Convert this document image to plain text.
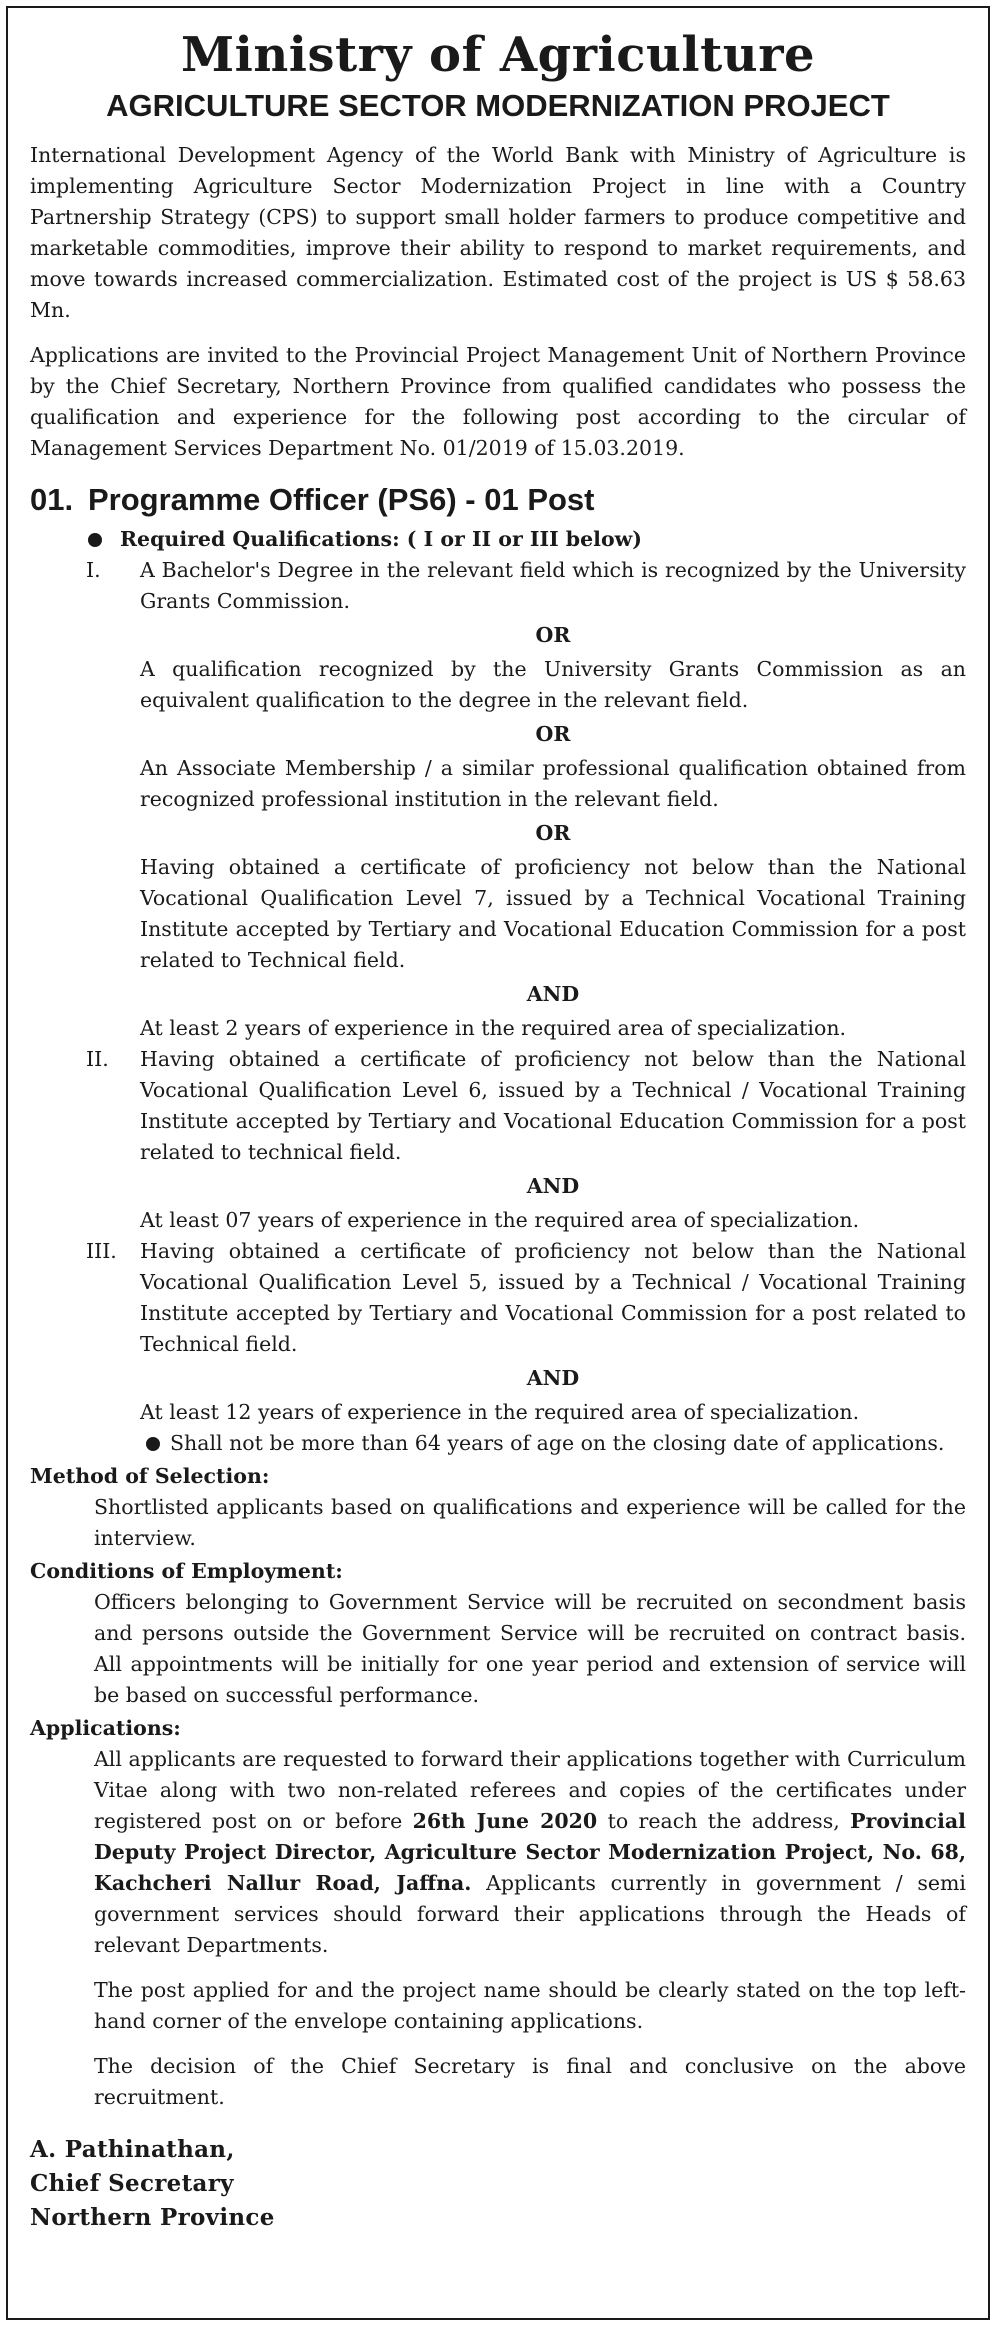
Ministry of Agriculture
AGRICULTURE SECTOR MODERNIZATION PROJECT

International Development Agency of the World Bank with Ministry of Agriculture is implementing Agriculture Sector Modernization Project in line with a Country Partnership Strategy (CPS) to support small holder farmers to produce competitive and marketable commodities, improve their ability to respond to market requirements, and move towards increased commercialization. Estimated cost of the project is US $ 58.63 Mn.

Applications are invited to the Provincial Project Management Unit of Northern Province by the Chief Secretary, Northern Province from qualified candidates who possess the qualification and experience for the following post according to the circular of Management Services Department No. 01/2019 of 15.03.2019.

01. Programme Officer (PS6) - 01 Post
Required Qualifications: ( I or II or III below)
I.	A Bachelor's Degree in the relevant field which is recognized by the University Grants Commission.
OR
A qualification recognized by the University Grants Commission as an equivalent qualification to the degree in the relevant field.
OR
An Associate Membership / a similar professional qualification obtained from recognized professional institution in the relevant field.
OR
Having obtained a certificate of proficiency not below than the National Vocational Qualification Level 7, issued by a Technical Vocational Training Institute accepted by Tertiary and Vocational Education Commission for a post related to Technical field.
AND
At least 2 years of experience in the required area of specialization.
II.	Having obtained a certificate of proficiency not below than the National Vocational Qualification Level 6, issued by a Technical / Vocational Training Institute accepted by Tertiary and Vocational Education Commission for a post related to technical field.
AND
At least 07 years of experience in the required area of specialization.
III.	Having obtained a certificate of proficiency not below than the National Vocational Qualification Level 5, issued by a Technical / Vocational Training Institute accepted by Tertiary and Vocational Commission for a post related to Technical field.
AND
At least 12 years of experience in the required area of specialization.
Shall not be more than 64 years of age on the closing date of applications.
Method of Selection:
Shortlisted applicants based on qualifications and experience will be called for the interview.
Conditions of Employment:
Officers belonging to Government Service will be recruited on secondment basis and persons outside the Government Service will be recruited on contract basis. All appointments will be initially for one year period and extension of service will be based on successful performance.
Applications:
All applicants are requested to forward their applications together with Curriculum Vitae along with two non-related referees and copies of the certificates under registered post on or before 26th June 2020 to reach the address, Provincial Deputy Project Director, Agriculture Sector Modernization Project, No. 68, Kachcheri Nallur Road, Jaffna. Applicants currently in government / semi government services should forward their applications through the Heads of relevant Departments.
The post applied for and the project name should be clearly stated on the top left-hand corner of the envelope containing applications.
The decision of the Chief Secretary is final and conclusive on the above recruitment.
A. Pathinathan,
Chief Secretary
Northern Province
